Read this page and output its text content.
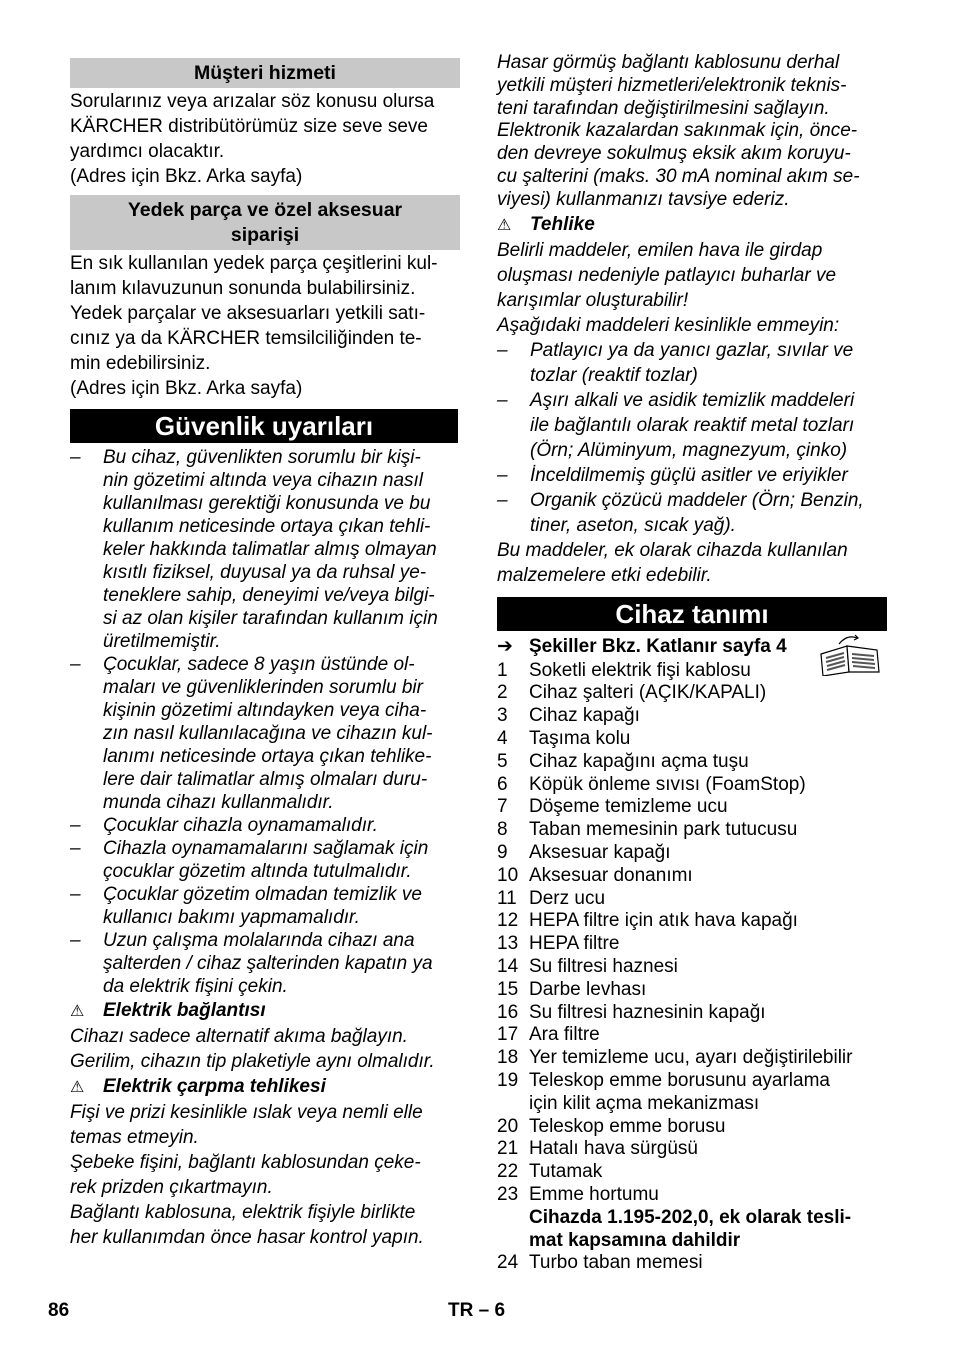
Müşteri hizmeti

Sorularınız veya arızalar söz konusu olursa

KÄRCHER distribütörümüz size seve seve

yardımcı olacaktır.

(Adres için Bkz. Arka sayfa)

Yedek parça ve özel aksesuar
siparişi

En sık kullanılan yedek parça çeşitlerini kul-

lanım kılavuzunun sonunda bulabilirsiniz.

Yedek parçalar ve aksesuarları yetkili satı-

cınız ya da KÄRCHER temsilciliğinden te-

min edebilirsiniz.

(Adres için Bkz. Arka sayfa)

Güvenlik uyarıları
–	Bu cihaz, güvenlikten sorumlu bir kişi-
nin gözetimi altında veya cihazın nasıl
kullanılması gerektiği konusunda ve bu
kullanım neticesinde ortaya çıkan tehli-
keler hakkında talimatlar almış olmayan
kısıtlı fiziksel, duyusal ya da ruhsal ye-
teneklere sahip, deneyimi ve/veya bilgi-
si az olan kişiler tarafından kullanım için
üretilmemiştir.
–	Çocuklar, sadece 8 yaşın üstünde ol-
maları ve güvenliklerinden sorumlu bir
kişinin gözetimi altındayken veya ciha-
zın nasıl kullanılacağına ve cihazın kul-
lanımı neticesinde ortaya çıkan tehlike-
lere dair talimatlar almış olmaları duru-
munda cihazı kullanmalıdır.
–	Çocuklar cihazla oynamamalıdır.
–	Cihazla oynamamalarını sağlamak için
çocuklar gözetim altında tutulmalıdır.
–	Çocuklar gözetim olmadan temizlik ve
kullanıcı bakımı yapmamalıdır.
–	Uzun çalışma molalarında cihazı ana
şalterden / cihaz şalterinden kapatın ya
da elektrik fişini çekin.
⚠ Elektrik bağlantısı

Cihazı sadece alternatif akıma bağlayın.

Gerilim, cihazın tip plaketiyle aynı olmalıdır.

⚠ Elektrik çarpma tehlikesi

Fişi ve prizi kesinlikle ıslak veya nemli elle

temas etmeyin.

Şebeke fişini, bağlantı kablosundan çeke-

rek prizden çıkartmayın.

Bağlantı kablosuna, elektrik fişiyle birlikte

her kullanımdan önce hasar kontrol yapın.

Hasar görmüş bağlantı kablosunu derhal

yetkili müşteri hizmetleri/elektronik teknis-

teni tarafından değiştirilmesini sağlayın.

Elektronik kazalardan sakınmak için, önce-

den devreye sokulmuş eksik akım koruyu-

cu şalterini (maks. 30 mA nominal akım se-

viyesi) kullanmanızı tavsiye ederiz.

⚠ Tehlike

Belirli maddeler, emilen hava ile girdap

oluşması nedeniyle patlayıcı buharlar ve

karışımlar oluşturabilir!

Aşağıdaki maddeleri kesinlikle emmeyin:

–	Patlayıcı ya da yanıcı gazlar, sıvılar ve
tozlar (reaktif tozlar)
–	Aşırı alkali ve asidik temizlik maddeleri
ile bağlantılı olarak reaktif metal tozları
(Örn; Alüminyum, magnezyum, çinko)
–	İnceldilmemiş güçlü asitler ve eriyikler
–	Organik çözücü maddeler (Örn; Benzin,
tiner, aseton, sıcak yağ).

Bu maddeler, ek olarak cihazda kullanılan

malzemelere etki edebilir.

Cihaz tanımı
➔ Şekiller Bkz. Katlanır sayfa 4
1	Soketli elektrik fişi kablosu
2	Cihaz şalteri (AÇIK/KAPALI)
3	Cihaz kapağı
4	Taşıma kolu
5	Cihaz kapağını açma tuşu
6	Köpük önleme sıvısı (FoamStop)
7	Döşeme temizleme ucu
8	Taban memesinin park tutucusu
9	Aksesuar kapağı
10 Aksesuar donanımı
11 Derz ucu
12 HEPA filtre için atık hava kapağı
13 HEPA filtre
14 Su filtresi haznesi
15 Darbe levhası
16 Su filtresi haznesinin kapağı
17 Ara filtre
18 Yer temizleme ucu, ayarı değiştirilebilir
19 Teleskop emme borusunu ayarlama
için kilit açma mekanizması
20 Teleskop emme borusu
21 Hatalı hava sürgüsü
22 Tutamak
23 Emme hortumu
Cihazda 1.195-202,0, ek olarak tesli-
mat kapsamına dahildir
24 Turbo taban memesi
86	TR – 6
